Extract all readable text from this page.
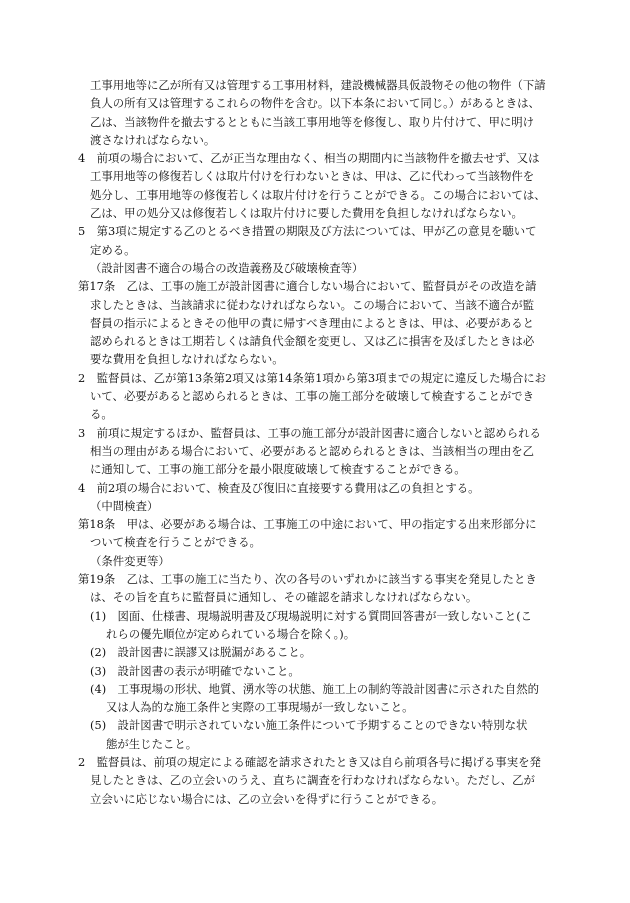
工事用地等に乙が所有又は管理する工事用材料，建設機械器具仮設物その他の物件（下請
負人の所有又は管理するこれらの物件を含む。以下本条において同じ。）があるときは、
乙は、当該物件を撤去するとともに当該工事用地等を修復し、取り片付けて、甲に明け
渡さなければならない。
4　前項の場合において、乙が正当な理由なく、相当の期間内に当該物件を撤去せず、又は
工事用地等の修復若しくは取片付けを行わないときは、甲は、乙に代わって当該物件を
処分し、工事用地等の修復若しくは取片付けを行うことができる。この場合においては、
乙は、甲の処分又は修復若しくは取片付けに要した費用を負担しなければならない。
5　第3項に規定する乙のとるべき措置の期限及び方法については、甲が乙の意見を聴いて
定める。
（設計図書不適合の場合の改造義務及び破壊検査等）
第17条　乙は、工事の施工が設計図書に適合しない場合において、監督員がその改造を請
求したときは、当該請求に従わなければならない。この場合において、当該不適合が監
督員の指示によるときその他甲の責に帰すべき理由によるときは、甲は、必要があると
認められるときは工期若しくは請負代金額を変更し、又は乙に損害を及ぼしたときは必
要な費用を負担しなければならない。
2　監督員は、乙が第13条第2項又は第14条第1項から第3項までの規定に違反した場合にお
いて、必要があると認められるときは、工事の施工部分を破壊して検査することができ
る。
3　前項に規定するほか、監督員は、工事の施工部分が設計図書に適合しないと認められる
相当の理由がある場合において、必要があると認められるときは、当該相当の理由を乙
に通知して、工事の施工部分を最小限度破壊して検査することができる。
4　前2項の場合において、検査及び復旧に直接要する費用は乙の負担とする。
（中間検査）
第18条　甲は、必要がある場合は、工事施工の中途において、甲の指定する出来形部分に
ついて検査を行うことができる。
（条件変更等）
第19条　乙は、工事の施工に当たり、次の各号のいずれかに該当する事実を発見したとき
は、その旨を直ちに監督員に通知し、その確認を請求しなければならない。
(1)　図面、仕様書、現場説明書及び現場説明に対する質問回答書が一致しないこと(こ
れらの優先順位が定められている場合を除く。)。
(2)　設計図書に誤謬又は脱漏があること。
(3)　設計図書の表示が明確でないこと。
(4)　工事現場の形状、地質、湧水等の状態、施工上の制約等設計図書に示された自然的
又は人為的な施工条件と実際の工事現場が一致しないこと。
(5)　設計図書で明示されていない施工条件について予期することのできない特別な状
態が生じたこと。
2　監督員は、前項の規定による確認を請求されたとき又は自ら前項各号に掲げる事実を発
見したときは、乙の立会いのうえ、直ちに調査を行わなければならない。ただし、乙が
立会いに応じない場合には、乙の立会いを得ずに行うことができる。
